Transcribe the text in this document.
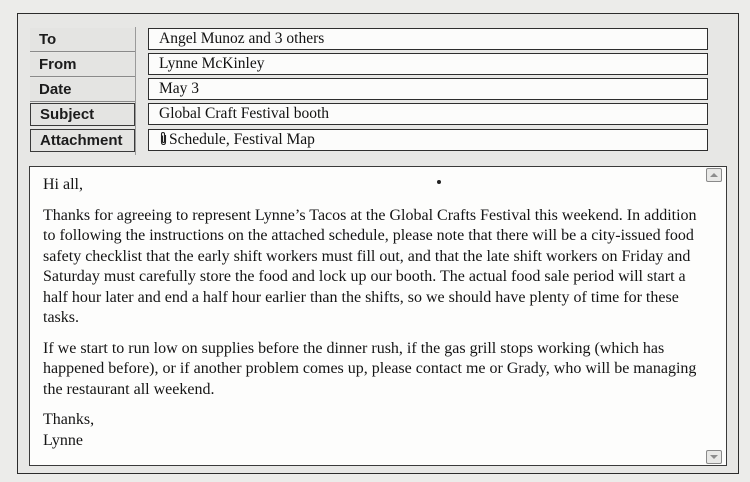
To	Angel Munoz and 3 others
From	Lynne McKinley
Date	May 3
Subject	Global Craft Festival booth
Attachment	Schedule, Festival Map

Hi all,

Thanks for agreeing to represent Lynne’s Tacos at the Global Crafts Festival this weekend. In addition to following the instructions on the attached schedule, please note that there will be a city-issued food safety checklist that the early shift workers must fill out, and that the late shift workers on Friday and Saturday must carefully store the food and lock up our booth. The actual food sale period will start a half hour later and end a half hour earlier than the shifts, so we should have plenty of time for these tasks.

If we start to run low on supplies before the dinner rush, if the gas grill stops working (which has happened before), or if another problem comes up, please contact me or Grady, who will be managing the restaurant all weekend.

Thanks,
Lynne
